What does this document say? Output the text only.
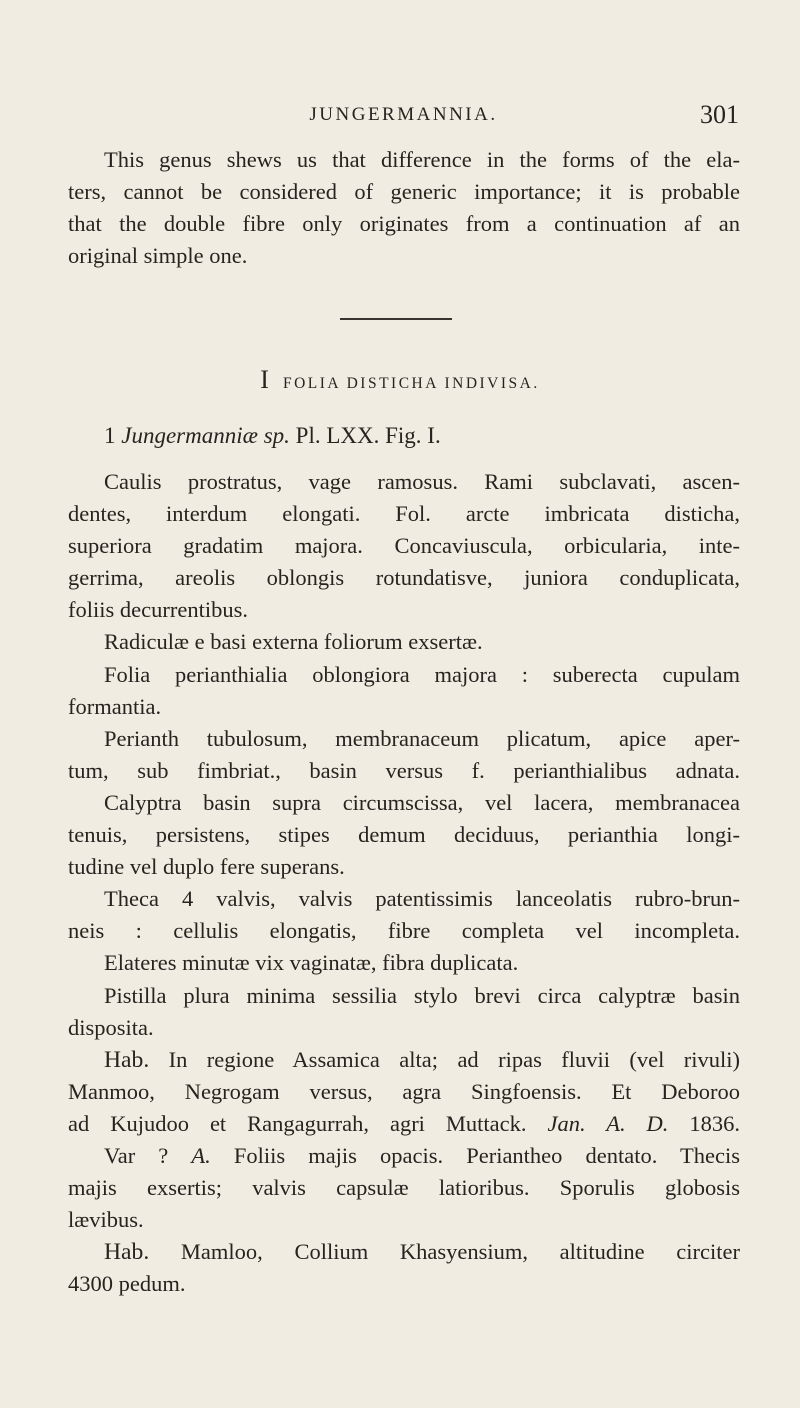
JUNGERMANNIA.	301
This genus shews us that difference in the forms of the ela-
ters, cannot be considered of generic importance; it is probable
that the double fibre only originates from a continuation af an
original simple one.
IFOLIA DISTICHA INDIVISA.
1 Jungermanniæ sp. Pl. LXX. Fig. I.
Caulis prostratus, vage ramosus. Rami subclavati, ascen-
dentes, interdum elongati. Fol. arcte imbricata disticha,
superiora gradatim majora. Concaviuscula, orbicularia, inte-
gerrima, areolis oblongis rotundatisve, juniora conduplicata,
foliis decurrentibus.
Radiculæ e basi externa foliorum exsertæ.
Folia perianthialia oblongiora majora : suberecta cupulam
formantia.
Perianth tubulosum, membranaceum plicatum, apice aper-
tum, sub fimbriat., basin versus f. perianthialibus adnata.
Calyptra basin supra circumscissa, vel lacera, membranacea
tenuis, persistens, stipes demum deciduus, perianthia longi-
tudine vel duplo fere superans.
Theca 4 valvis, valvis patentissimis lanceolatis rubro-brun-
neis : cellulis elongatis, fibre completa vel incompleta.
Elateres minutæ vix vaginatæ, fibra duplicata.
Pistilla plura minima sessilia stylo brevi circa calyptræ basin
disposita.
Hab. In regione Assamica alta; ad ripas fluvii (vel rivuli)
Manmoo, Negrogam versus, agra Singfoensis. Et Deboroo
ad Kujudoo et Rangagurrah, agri Muttack. Jan. A. D. 1836.
Var ? A. Foliis majis opacis. Periantheo dentato. Thecis
majis exsertis; valvis capsulæ latioribus. Sporulis globosis
lævibus.
Hab. Mamloo, Collium Khasyensium, altitudine circiter
4300 pedum.
